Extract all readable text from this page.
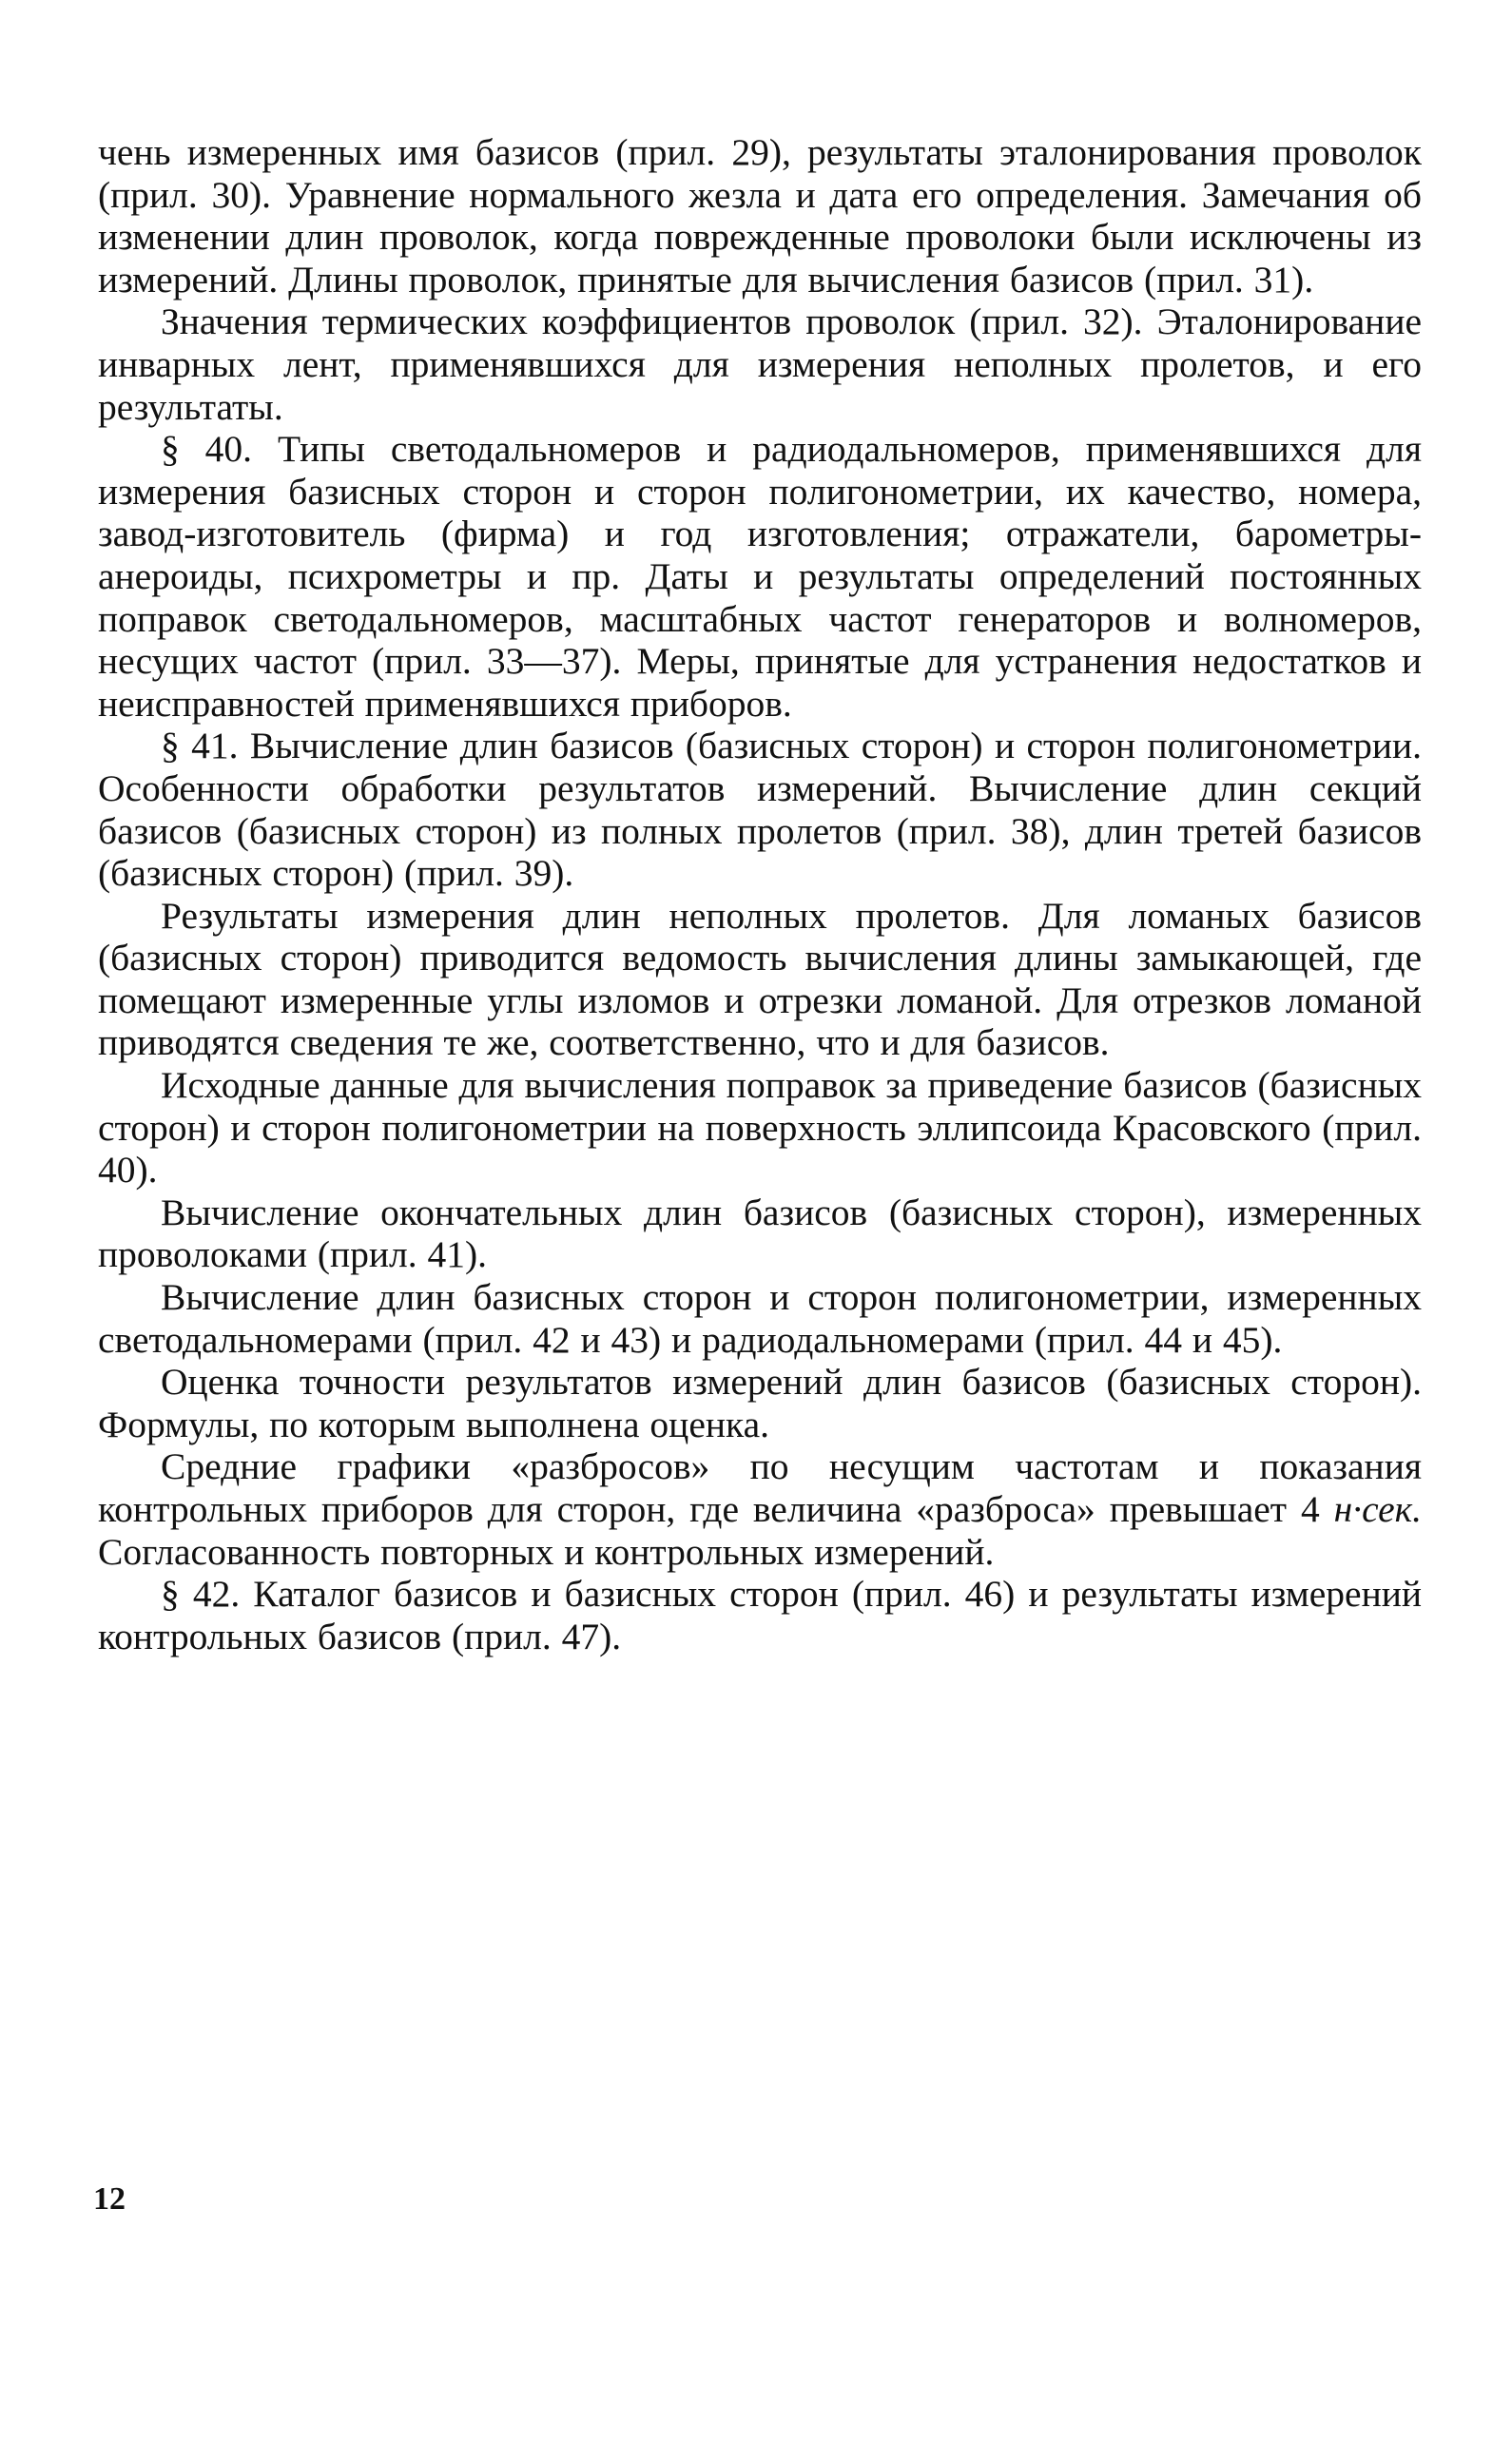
чень измеренных имя базисов (прил. 29), результаты эталонирования проволок (прил. 30). Уравнение нормального жезла и дата его определения. Замечания об изменении длин проволок, когда поврежденные проволоки были исключены из измерений. Длины проволок, принятые для вычисления базисов (прил. 31).

Значения термических коэффициентов проволок (прил. 32). Эталонирование инварных лент, применявшихся для измерения неполных пролетов, и его результаты.

§ 40. Типы светодальномеров и радиодальномеров, применявшихся для измерения базисных сторон и сторон полигонометрии, их качество, номера, завод-изготовитель (фирма) и год изготовления; отражатели, барометры-анероиды, психрометры и пр. Даты и результаты определений постоянных поправок светодальномеров, масштабных частот генераторов и волномеров, несущих частот (прил. 33—37). Меры, принятые для устранения недостатков и неисправностей применявшихся приборов.

§ 41. Вычисление длин базисов (базисных сторон) и сторон полигонометрии. Особенности обработки результатов измерений. Вычисление длин секций базисов (базисных сторон) из полных пролетов (прил. 38), длин третей базисов (базисных сторон) (прил. 39).

Результаты измерения длин неполных пролетов. Для ломаных базисов (базисных сторон) приводится ведомость вычисления длины замыкающей, где помещают измеренные углы изломов и отрезки ломаной. Для отрезков ломаной приводятся сведения те же, соответственно, что и для базисов.

Исходные данные для вычисления поправок за приведение базисов (базисных сторон) и сторон полигонометрии на поверхность эллипсоида Красовского (прил. 40).

Вычисление окончательных длин базисов (базисных сторон), измеренных проволоками (прил. 41).

Вычисление длин базисных сторон и сторон полигонометрии, измеренных светодальномерами (прил. 42 и 43) и радиодальномерами (прил. 44 и 45).

Оценка точности результатов измерений длин базисов (базисных сторон). Формулы, по которым выполнена оценка.

Средние графики «разбросов» по несущим частотам и показания контрольных приборов для сторон, где величина «разброса» превышает 4 н·сек. Согласованность повторных и контрольных измерений.

§ 42. Каталог базисов и базисных сторон (прил. 46) и результаты измерений контрольных базисов (прил. 47).

12
